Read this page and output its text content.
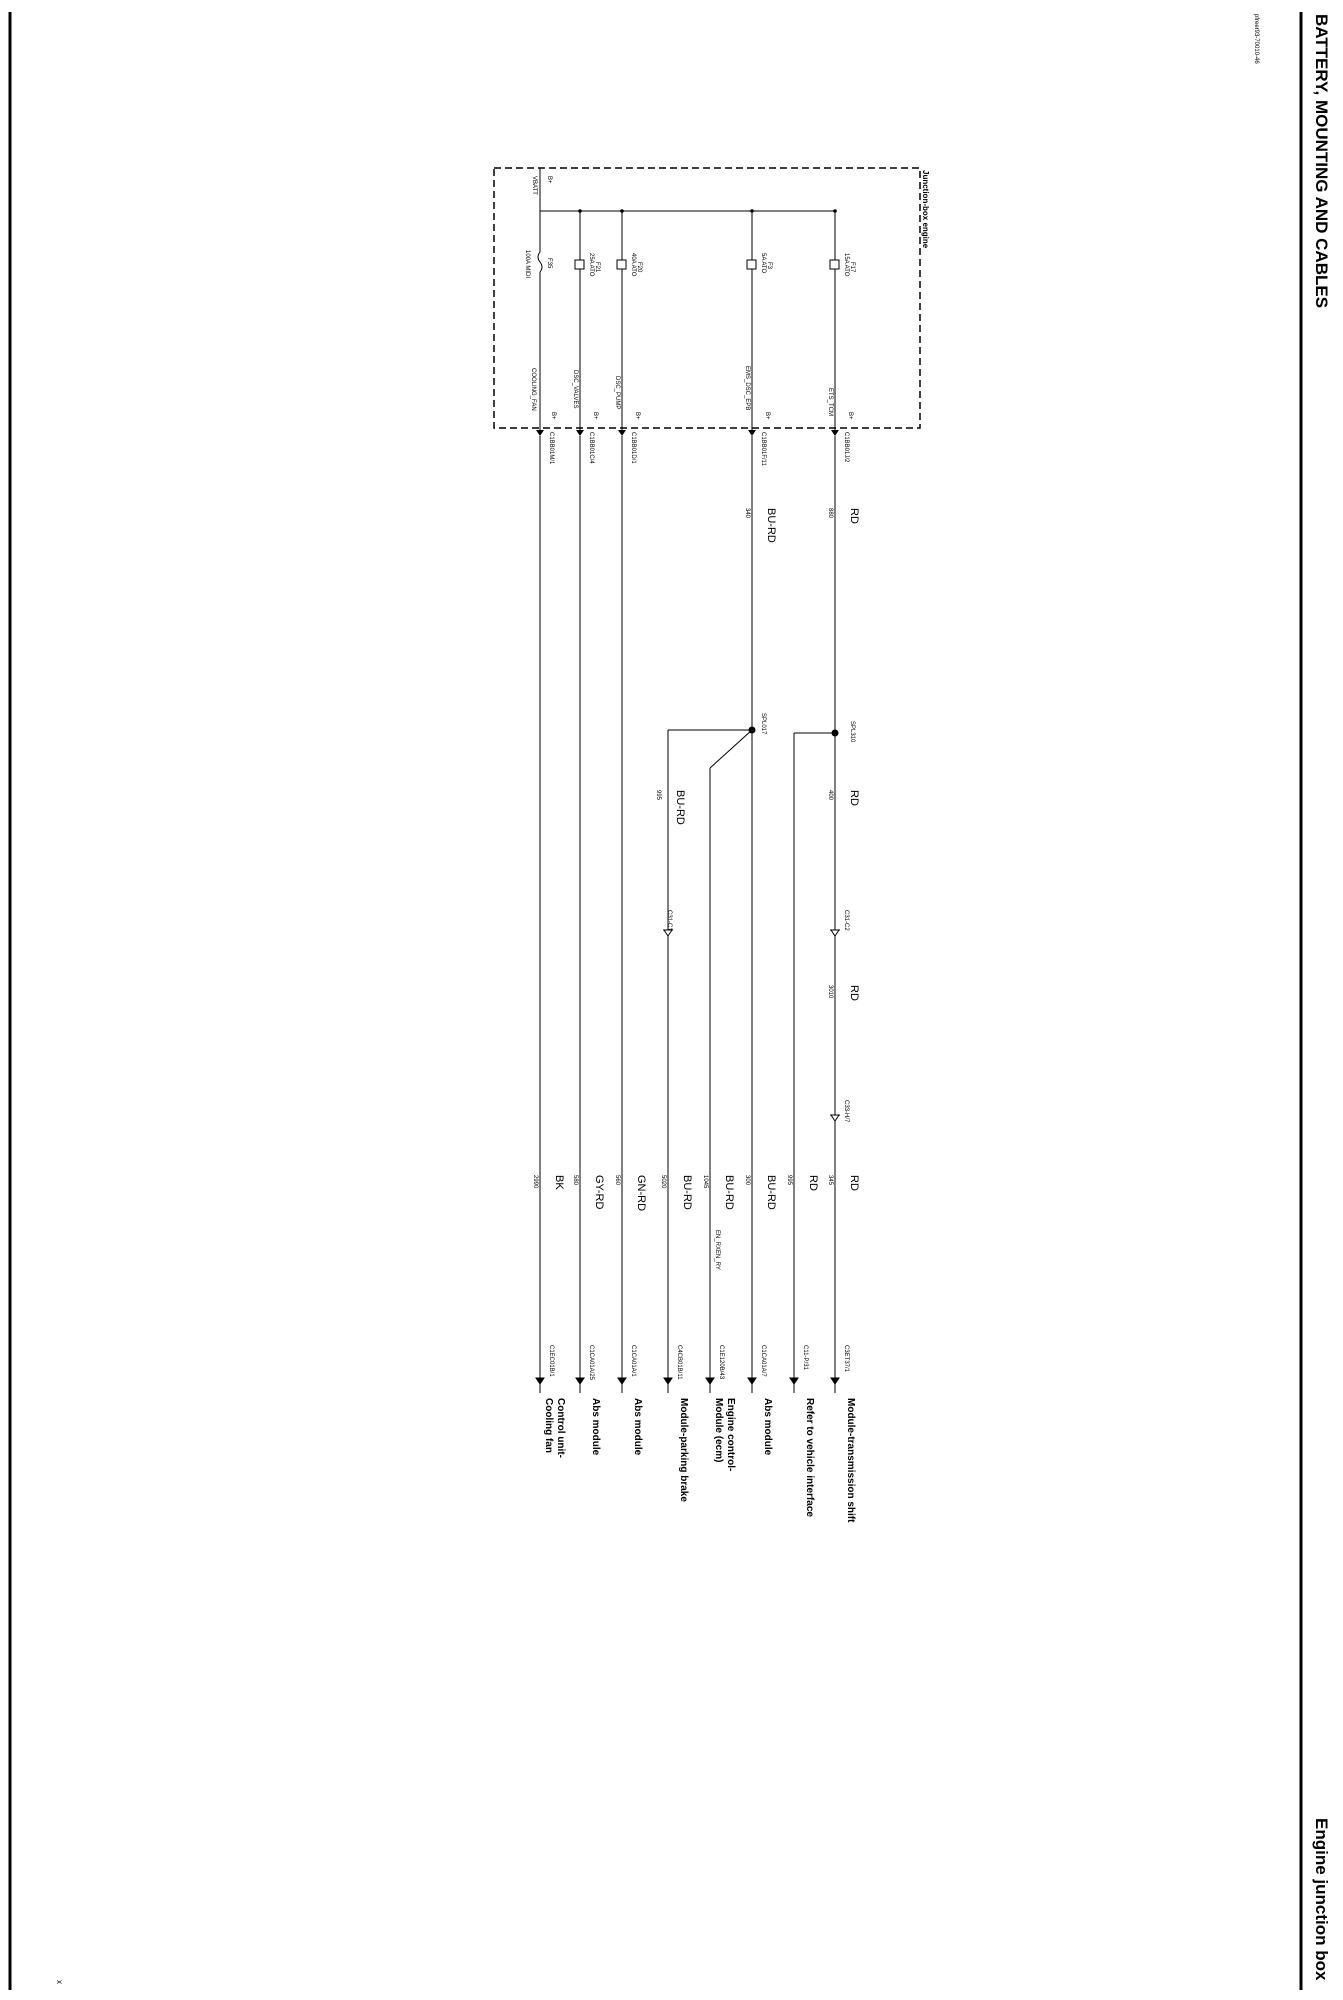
BATTERY, MOUNTING AND CABLES
Engine junction box
pfreer93-70010-46
x
Junction-box engine
B+
VBATT
F17
15A ATO
ETS_TCM B+
F3
5A ATO
EMS_DSC_EPB
B+
F20
40A ATO
DSC_PUMP
B+
F21
25A ATO
DSC_VALVES
B+
F35
100A MIDI
COOLING_FAN
B+
C1BB01J/2
C1BB01F/11
C1BB01D/1
C1BB01C/4
C1BB01M/1
RD
880
BU-RD
340
SPL310
RD
400
C31-C2
RD
3010
C33-H/7
SPL017
BU-RD
995
C31-C1
RD
345
C3ET37/1
Module-transmission shift
RD
995
C11-P/31
Refer to vehicle interface
BU-RD
300
C1CA01A/7
Abs module
BU-RD
1045
EN_RXEN_RY
C1E120B/43
Engine control-
Module (ecm)
BU-RD
5020
C4CB01B/11
Module-parking brake
GN-RD
560
C1CA01A/1
Abs module
GY-RD
580
C1CA01A/25
Abs module
BK
2990
C1EC01B/1
Control unit-
Cooling fan
